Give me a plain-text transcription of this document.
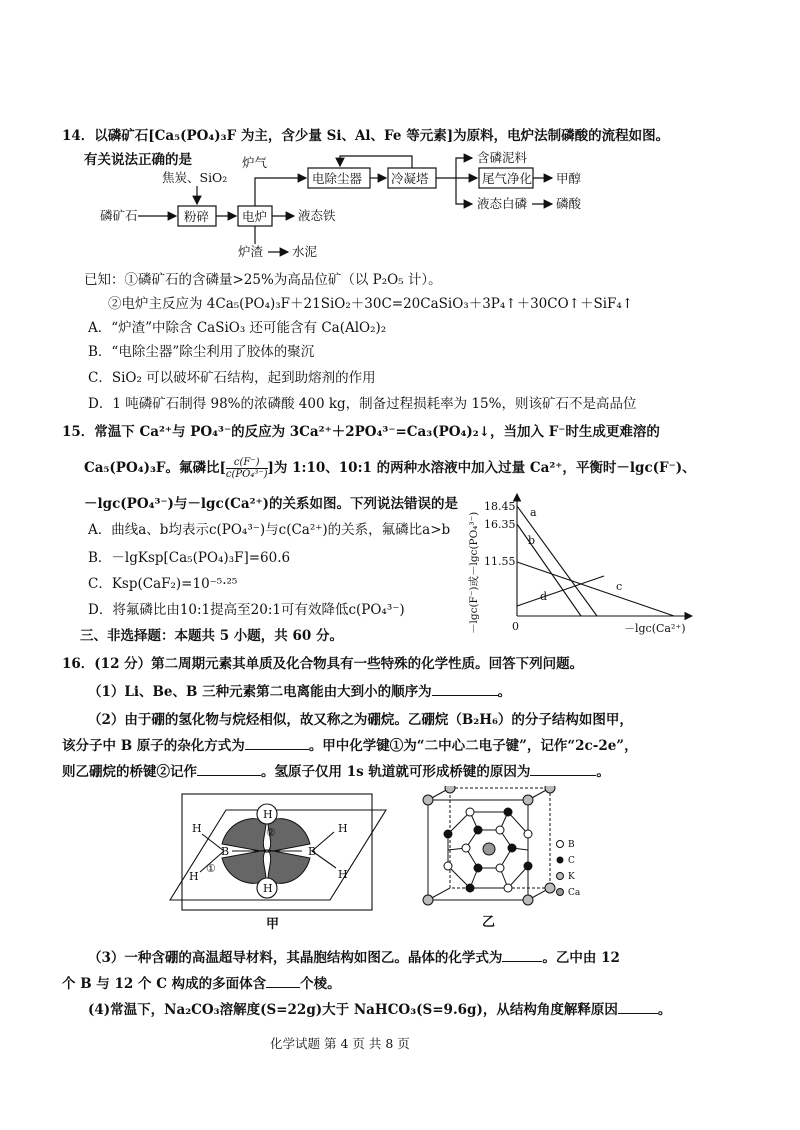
14．以磷矿石[Ca₅(PO₄)₃F 为主，含少量 Si、Al、Fe 等元素]为原料，电炉法制磷酸的流程如图。
有关说法正确的是
焦炭、SiO₂
磷矿石	粉碎	电炉
炉气
电除尘器 冷凝塔
含磷泥料
尾气净化 甲醇
液态白磷 磷酸
液态铁
炉渣 水泥
已知：①磷矿石的含磷量>25%为高品位矿（以 P₂O₅ 计）。
②电炉主反应为 4Ca₅(PO₄)₃F＋21SiO₂＋30C=20CaSiO₃＋3P₄↑＋30CO↑＋SiF₄↑
A．“炉渣”中除含 CaSiO₃ 还可能含有 Ca(AlO₂)₂
B．“电除尘器”除尘利用了胶体的聚沉
C．SiO₂ 可以破坏矿石结构，起到助熔剂的作用
D．1 吨磷矿石制得 98%的浓磷酸 400 kg，制备过程损耗率为 15%，则该矿石不是高品位
15．常温下 Ca²⁺与 PO₄³⁻的反应为 3Ca²⁺＋2PO₄³⁻=Ca₃(PO₄)₂↓，当加入 F⁻时生成更难溶的
Ca₅(PO₄)₃F。氟磷比[ $\frac{c(F^-)}{\text{c(PO₄³⁻)}}$ ]为 1:10、10:1 的两种水溶液中加入过量 Ca²⁺，平衡时－lgc(F⁻)、
－lgc(PO₄³⁻)与－lgc(Ca²⁺)的关系如图。下列说法错误的是
A．曲线a、b均表示c(PO₄³⁻)与c(Ca²⁺)的关系，氟磷比a>b
B．－lgKsp[Ca₅(PO₄)₃F]=60.6
C．Ksp(CaF₂)=10⁻⁵·²⁵
D．将氟磷比由10:1提高至20:1可有效降低c(PO₄³⁻)
18.45
16.35
11.55
0
a
b
c
d
－lgc(Ca²⁺)
－lgc(F⁻)或－lgc(PO₄³⁻)
三、非选择题：本题共 5 小题，共 60 分。
16．(12 分）第二周期元素其单质及化合物具有一些特殊的化学性质。回答下列问题。
（1）Li、Be、B 三种元素第二电离能由大到小的顺序为	。
（2）由于硼的氢化物与烷烃相似，故又称之为硼烷。乙硼烷（B₂H₆）的分子结构如图甲，
该分子中 B 原子的杂化方式为	。甲中化学键①为“二中心二电子键”，记作“2c-2e”，
则乙硼烷的桥键②记作	。氢原子仅用 1s 轨道就可形成桥键的原因为	。
B	B
H
H
H
H
H
H
①
②
甲
B
C
K
Ca
乙
（3）一种含硼的高温超导材料，其晶胞结构如图乙。晶体的化学式为	。乙中由 12
个 B 与 12 个 C 构成的多面体含	个棱。
(4)常温下，Na₂CO₃溶解度(S=22g)大于 NaHCO₃(S=9.6g)，从结构角度解释原因	。
化学试题 第 4 页 共 8 页
